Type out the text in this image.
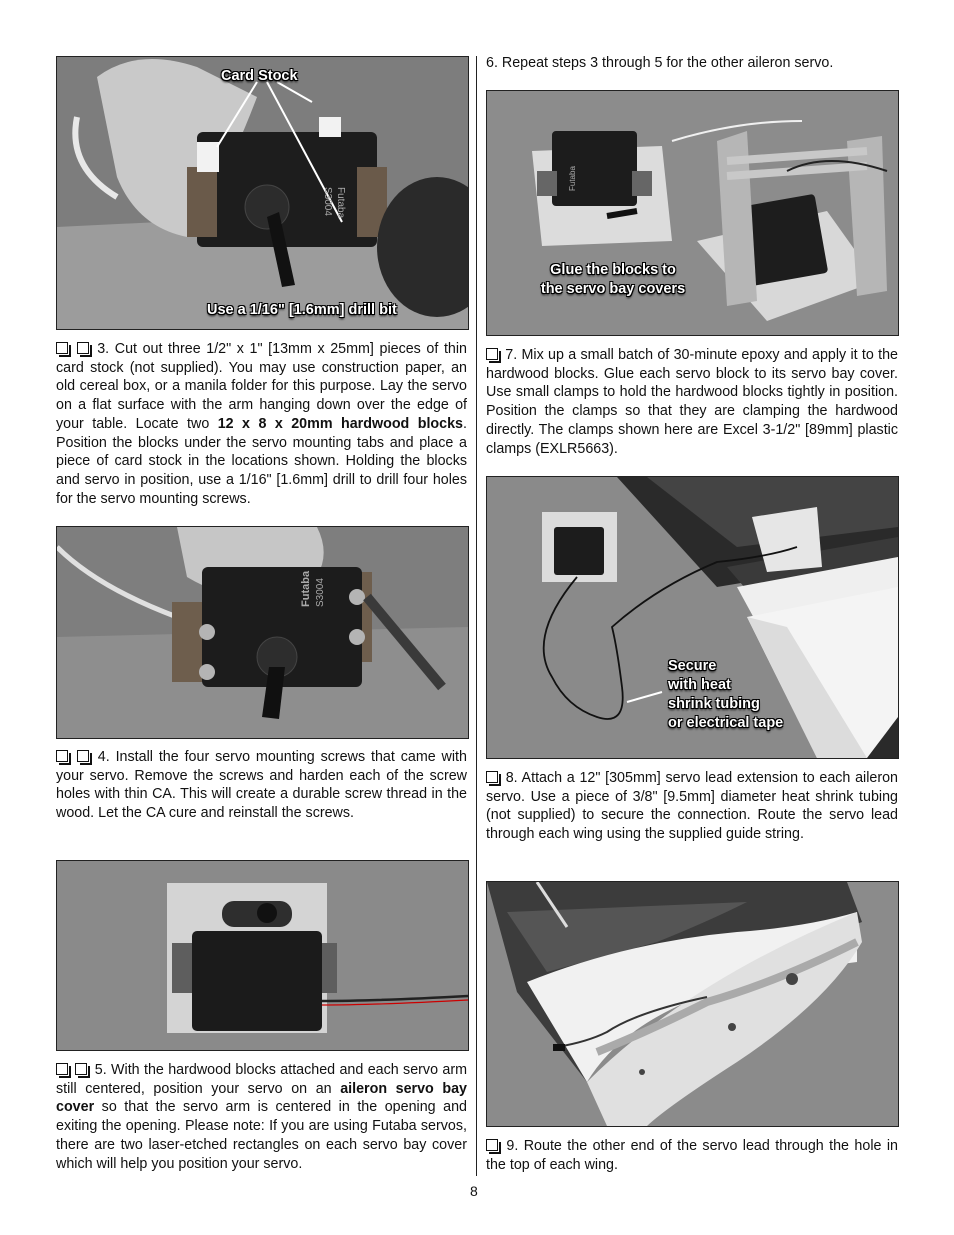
Futaba
S3004
Card Stock
Use a 1/16" [1.6mm] drill bit
3. Cut out three 1/2" x 1" [13mm x 25mm] pieces of thin card stock (not supplied). You may use construction paper, an old cereal box, or a manila folder for this purpose. Lay the servo on a flat surface with the arm hanging down over the edge of your table. Locate two 12 x 8 x 20mm hardwood blocks. Position the blocks under the servo mounting tabs and place a piece of card stock in the locations shown. Holding the blocks and servo in position, use a 1/16" [1.6mm] drill to drill four holes for the servo mounting screws.
Futaba S3004
4. Install the four servo mounting screws that came with your servo. Remove the screws and harden each of the screw holes with thin CA. This will create a durable screw thread in the wood. Let the CA cure and reinstall the screws.
5. With the hardwood blocks attached and each servo arm still centered, position your servo on an aileron servo bay cover so that the servo arm is centered in the opening and exiting the opening. Please note: If you are using Futaba servos, there are two laser-etched rectangles on each servo bay cover which will help you position your servo.
6. Repeat steps 3 through 5 for the other aileron servo.
Futaba
Glue the blocks to
the servo bay covers
7. Mix up a small batch of 30-minute epoxy and apply it to the hardwood blocks. Glue each servo block to its servo bay cover. Use small clamps to hold the hardwood blocks tightly in position. Position the clamps so that they are clamping the hardwood directly. The clamps shown here are Excel 3-1/2" [89mm] plastic clamps (EXLR5663).
Secure
with heat
shrink tubing
or electrical tape
8. Attach a 12" [305mm] servo lead extension to each aileron servo. Use a piece of 3/8" [9.5mm] diameter heat shrink tubing (not supplied) to secure the connection. Route the servo lead through each wing using the supplied guide string.
9. Route the other end of the servo lead through the hole in the top of each wing.
8
